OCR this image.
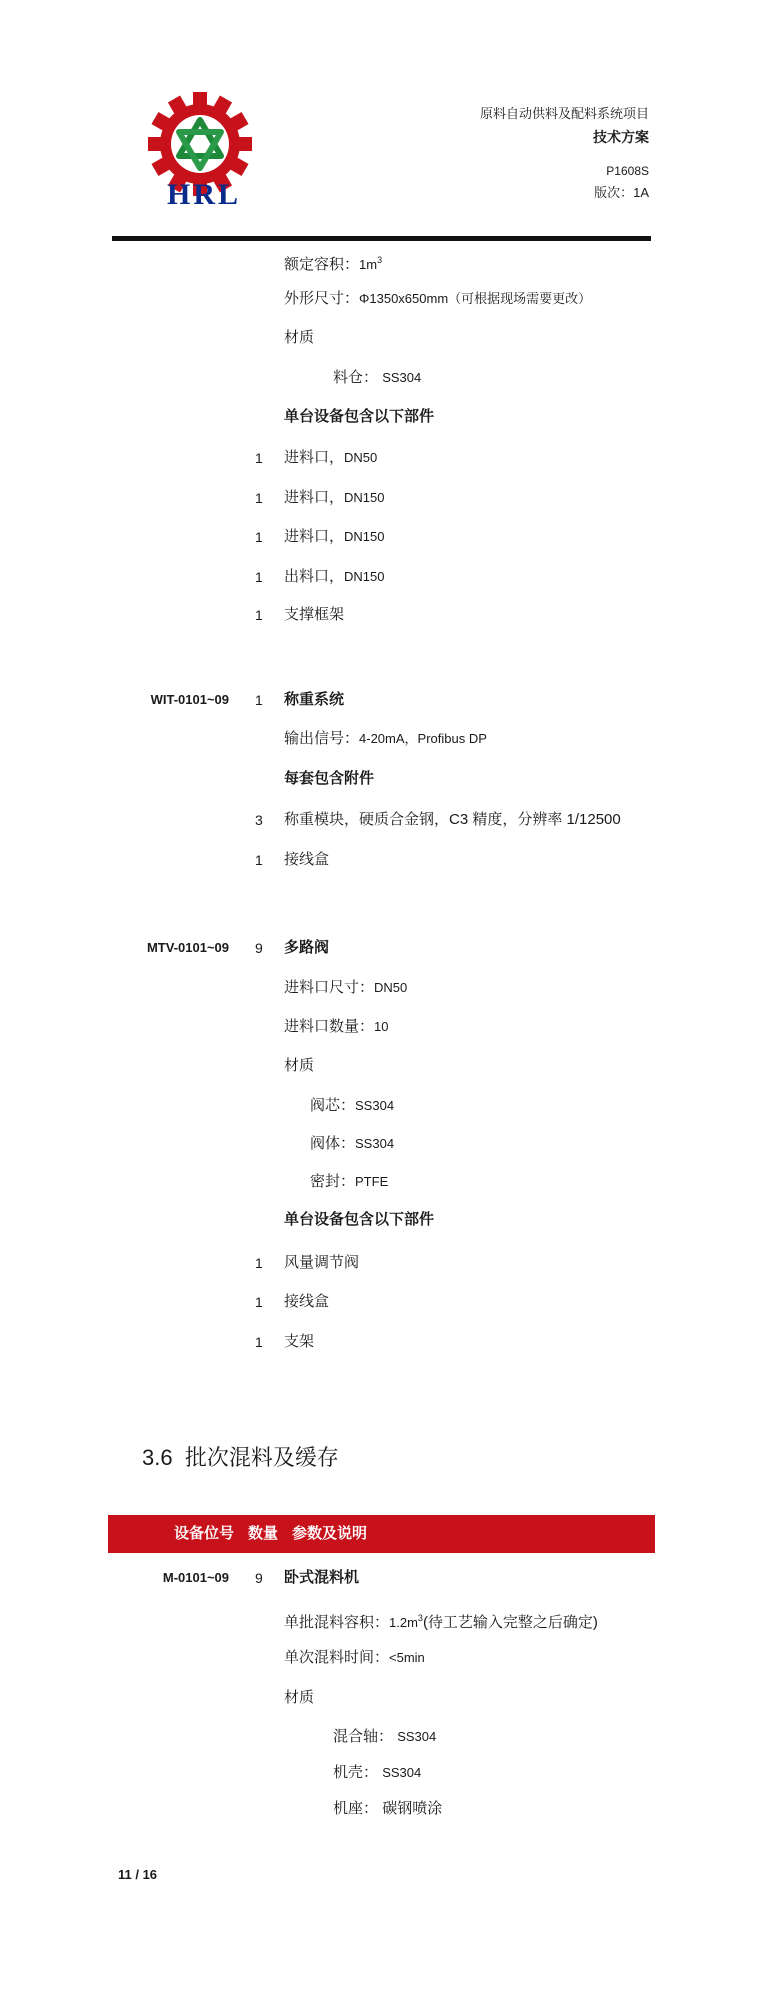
HRL
原料自动供料及配料系统项目
技术方案
P1608S
版次：1A
额定容积：$1m^3$
外形尺寸：Φ1350x650mm（可根据现场需要更改）
材质
料仓： SS304
单台设备包含以下部件
1 进料口，DN50
1 进料口，DN150
1 进料口，DN150
1 出料口，DN150
1 支撑框架
WIT-0101~09 1 称重系统
输出信号：4-20mA，Profibus DP
每套包含附件
3 称重模块，硬质合金钢，C3 精度，分辨率 1/12500
1 接线盒
MTV-0101~09 9 多路阀
进料口尺寸：DN50
进料口数量：10
材质
阀芯：SS304
阀体：SS304
密封：PTFE
单台设备包含以下部件
1 风量调节阀
1 接线盒
1 支架
3.6 批次混料及缓存
设备位号 数量 参数及说明
M-0101~09 9 卧式混料机
单批混料容积：$1.2m^3$(待工艺输入完整之后确定)
单次混料时间：<5min
材质
混合轴： SS304
机壳： SS304
机座： 碳钢喷涂
11 / 16
